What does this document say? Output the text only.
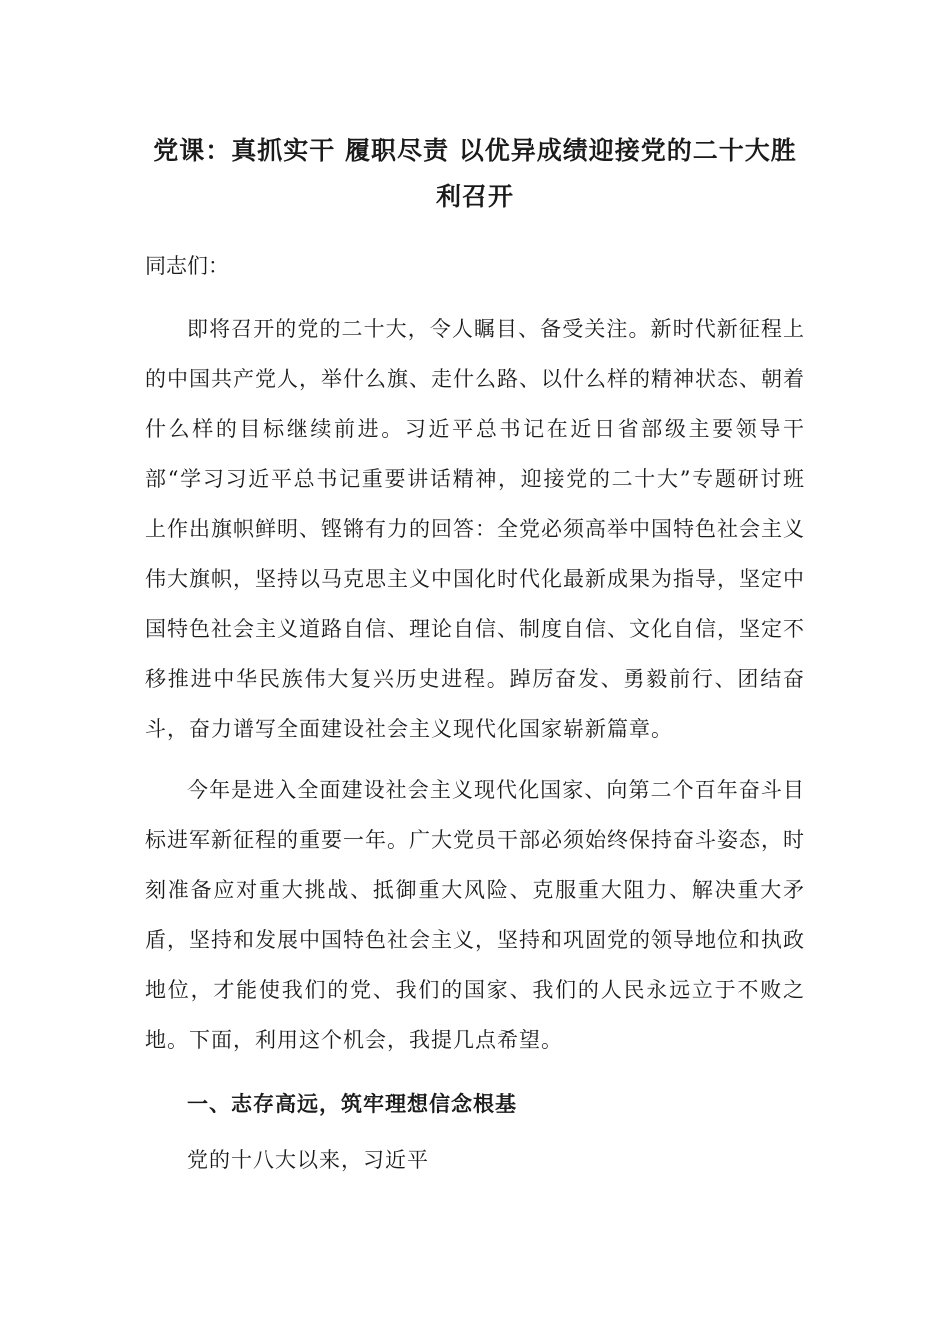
党课：真抓实干 履职尽责 以优异成绩迎接党的二十大胜利召开
同志们：
即将召开的党的二十大，令人瞩目、备受关注。新时代新征程上的中国共产党人，举什么旗、走什么路、以什么样的精神状态、朝着什么样的目标继续前进。习近平总书记在近日省部级主要领导干部“学习习近平总书记重要讲话精神，迎接党的二十大”专题研讨班上作出旗帜鲜明、铿锵有力的回答：全党必须高举中国特色社会主义伟大旗帜，坚持以马克思主义中国化时代化最新成果为指导，坚定中国特色社会主义道路自信、理论自信、制度自信、文化自信，坚定不移推进中华民族伟大复兴历史进程。踔厉奋发、勇毅前行、团结奋斗，奋力谱写全面建设社会主义现代化国家崭新篇章。
今年是进入全面建设社会主义现代化国家、向第二个百年奋斗目标进军新征程的重要一年。广大党员干部必须始终保持奋斗姿态，时刻准备应对重大挑战、抵御重大风险、克服重大阻力、解决重大矛盾，坚持和发展中国特色社会主义，坚持和巩固党的领导地位和执政地位，才能使我们的党、我们的国家、我们的人民永远立于不败之地。下面，利用这个机会，我提几点希望。
一、志存高远，筑牢理想信念根基
党的十八大以来，习近平
